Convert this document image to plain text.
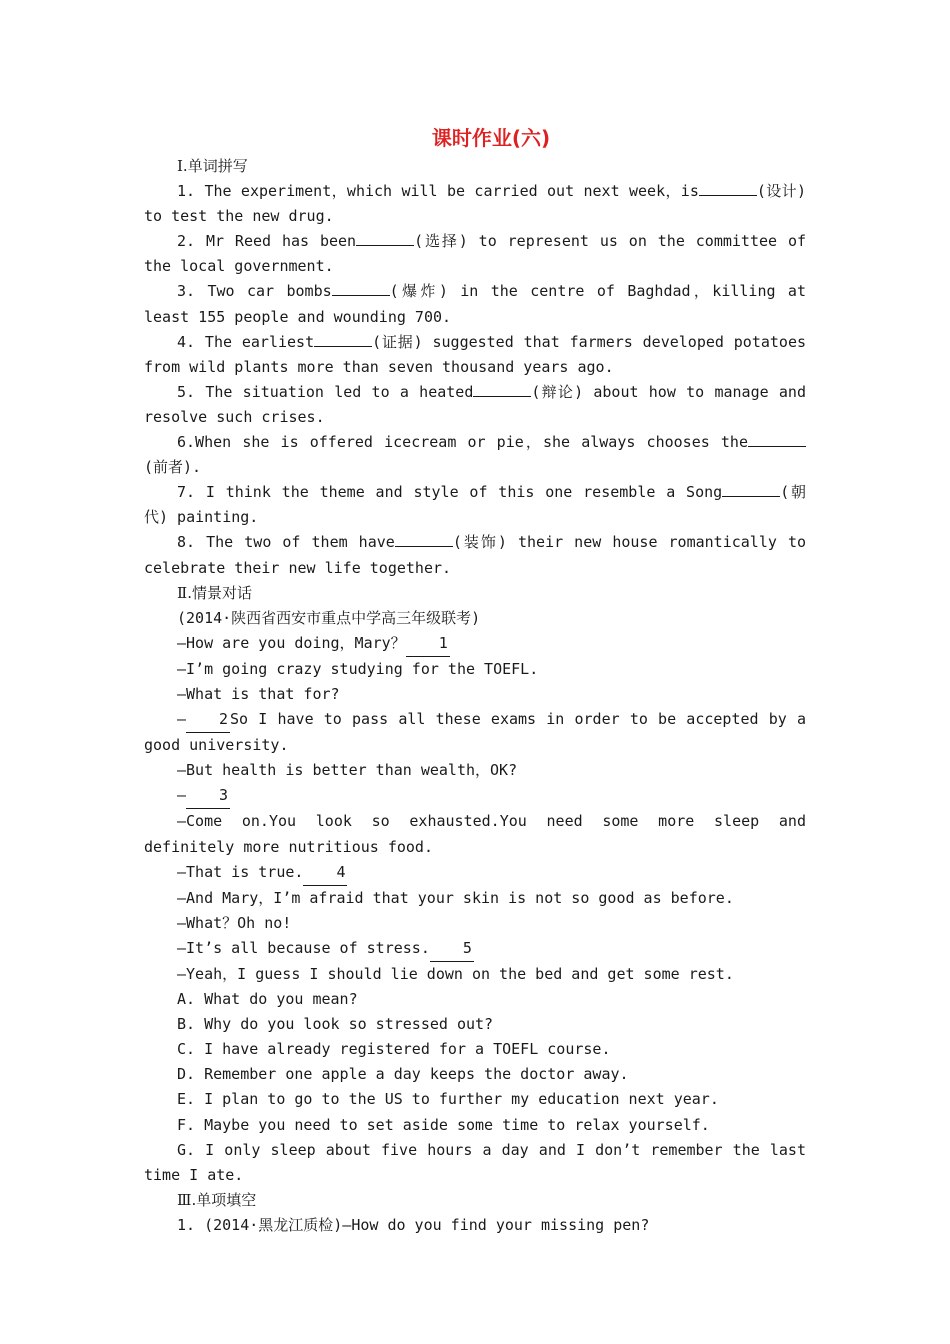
课时作业(六)

Ⅰ.单词拼写

1. The experiment，which will be carried out next week，is	(设计) to test the new drug.

2. Mr Reed has been	(选择) to represent us on the committee of the local government.

3. Two car bombs	(爆炸) in the centre of Baghdad，killing at least 155 people and wounding 700.

4. The earliest	(证据) suggested that farmers developed potatoes from wild plants more than seven thousand years ago.

5. The situation led to a heated	(辩论) about how to manage and resolve such crises.

6.When she is offered icecream or pie，she always chooses the(前者).

7. I think the theme and style of this one resemble a Song	(朝代) painting.

8. The two of them have	(装饰) their new house romantically to celebrate their new life together.

Ⅱ.情景对话

(2014·陕西省西安市重点中学高三年级联考)

—How are you doing，Mary？ 1

—I’m going crazy studying for the TOEFL.

—What is that for?

— 2 So I have to pass all these exams in order to be accepted by a good university.

—But health is better than wealth，OK?

— 3

—Come on.You look so exhausted.You need some more sleep and definitely more nutritious food.

—That is true. 4

—And Mary，I’m afraid that your skin is not so good as before.

—What？Oh no!

—It’s all because of stress. 5

—Yeah，I guess I should lie down on the bed and get some rest.

A. What do you mean?

B. Why do you look so stressed out?

C. I have already registered for a TOEFL course.

D. Remember one apple a day keeps the doctor away.

E. I plan to go to the US to further my education next year.

F. Maybe you need to set aside some time to relax yourself.

G. I only sleep about five hours a day and I don’t remember the last time I ate.

Ⅲ.单项填空

1. (2014·黑龙江质检)—How do you find your missing pen?
